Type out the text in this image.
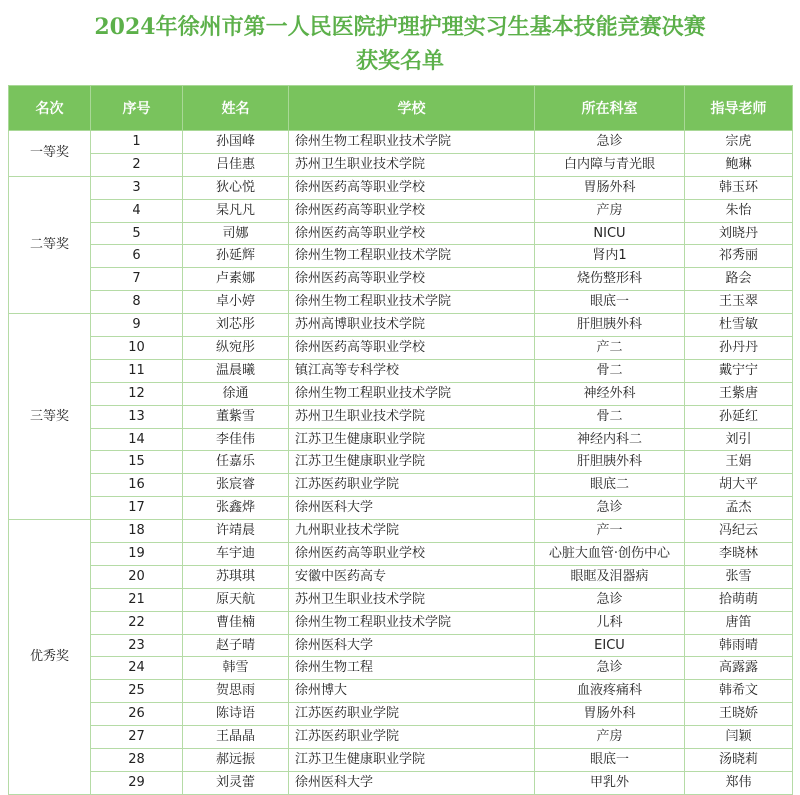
2024年徐州市第一人民医院护理护理实习生基本技能竞赛决赛
获奖名单
名次	序号	姓名	学校	所在科室	指导老师
一等奖	1	孙国峰	徐州生物工程职业技术学院	急诊	宗虎
	2	吕佳惠	苏州卫生职业技术学院	白内障与青光眼	鲍琳
二等奖	3	狄心悦	徐州医药高等职业学校	胃肠外科	韩玉环
	4	杲凡凡	徐州医药高等职业学校	产房	朱怡
	5	司娜	徐州医药高等职业学校	NICU	刘晓丹
	6	孙延辉	徐州生物工程职业技术学院	肾内1	祁秀丽
	7	卢素娜	徐州医药高等职业学校	烧伤整形科	路会
	8	卓小婷	徐州生物工程职业技术学院	眼底一	王玉翠
三等奖	9	刘芯彤	苏州高博职业技术学院	肝胆胰外科	杜雪敏
	10	纵宛彤	徐州医药高等职业学校	产二	孙丹丹
	11	温晨曦	镇江高等专科学校	骨二	戴宁宁
	12	徐通	徐州生物工程职业技术学院	神经外科	王紫唐
	13	董紫雪	苏州卫生职业技术学院	骨二	孙延红
	14	李佳伟	江苏卫生健康职业学院	神经内科二	刘引
	15	任嘉乐	江苏卫生健康职业学院	肝胆胰外科	王娟
	16	张宸睿	江苏医药职业学院	眼底二	胡大平
	17	张鑫烨	徐州医科大学	急诊	孟杰
优秀奖	18	许靖晨	九州职业技术学院	产一	冯纪云
	19	车宇迪	徐州医药高等职业学校	心脏大血管·创伤中心	李晓林
	20	苏琪琪	安徽中医药高专	眼眶及泪器病	张雪
	21	原天航	苏州卫生职业技术学院	急诊	拾萌萌
	22	曹佳楠	徐州生物工程职业技术学院	儿科	唐笛
	23	赵子晴	徐州医科大学	EICU	韩雨晴
	24	韩雪	徐州生物工程	急诊	高露露
	25	贺思雨	徐州博大	血液疼痛科	韩希文
	26	陈诗语	江苏医药职业学院	胃肠外科	王晓娇
	27	王晶晶	江苏医药职业学院	产房	闫颖
	28	郝远振	江苏卫生健康职业学院	眼底一	汤晓莉
	29	刘灵蕾	徐州医科大学	甲乳外	郑伟
